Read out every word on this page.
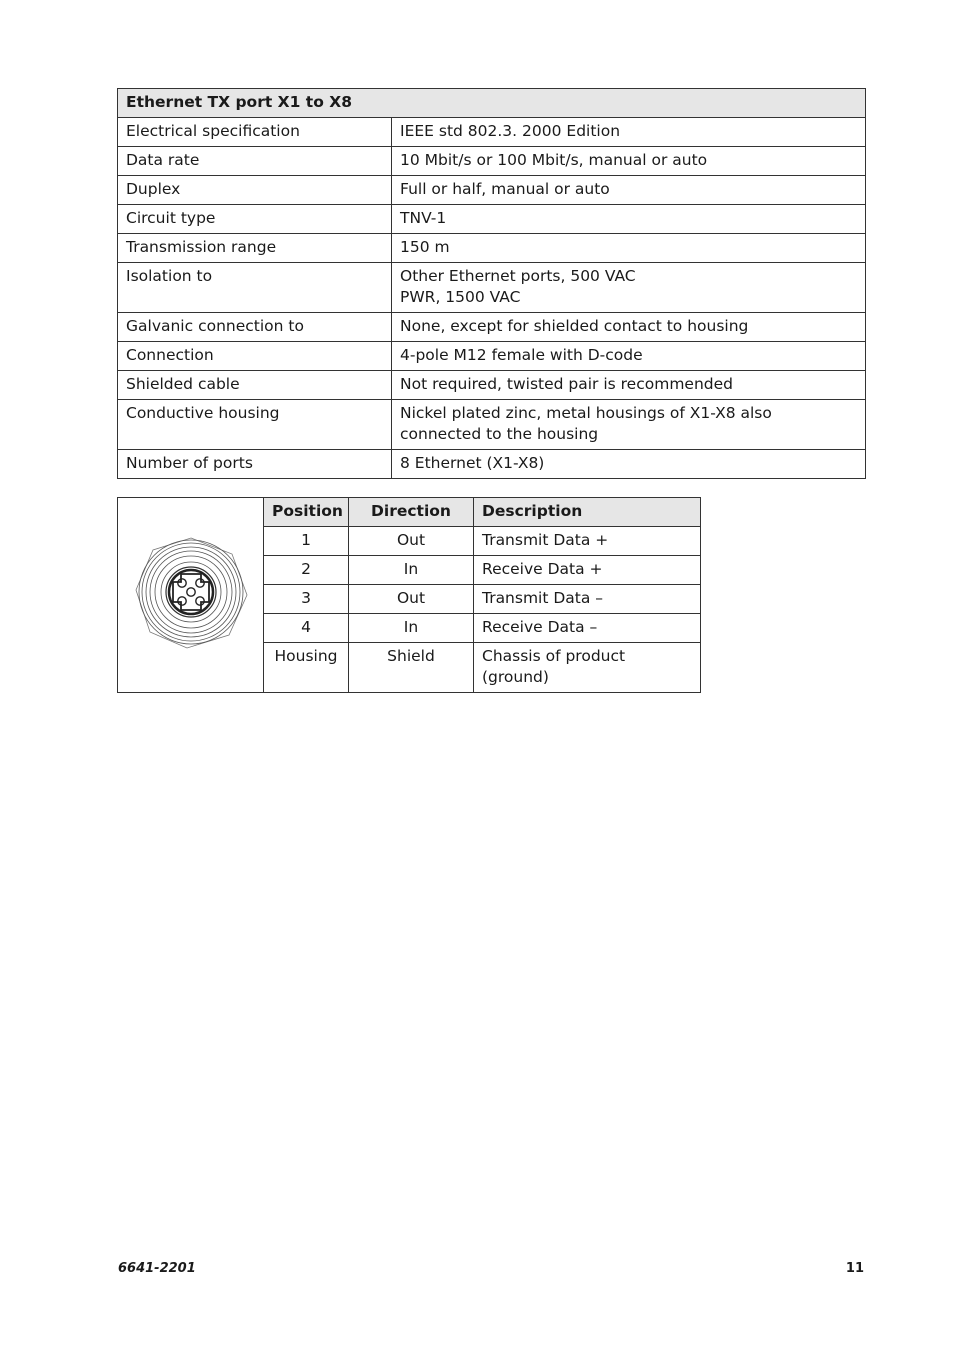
Ethernet TX port X1 to X8	
Electrical specification	IEEE std 802.3. 2000 Edition
Data rate	10 Mbit/s or 100 Mbit/s, manual or auto
Duplex	Full or half, manual or auto
Circuit type	TNV-1
Transmission range	150 m
Isolation to	Other Ethernet ports, 500 VAC
PWR, 1500 VAC

Galvanic connection to	None, except for shielded contact to housing
Connection	4-pole M12 female with D-code
Shielded cable	Not required, twisted pair is recommended
Conductive housing	Nickel plated zinc, metal housings of X1-X8 also connected to the housing
Number of ports	8 Ethernet (X1-X8)
	Position	Direction	Description
	1	Out	Transmit Data +
	2	In	Receive Data +
	3	Out	Transmit Data –
	4	In	Receive Data –
	Housing	Shield	Chassis of product (ground)
6641-2201	11
